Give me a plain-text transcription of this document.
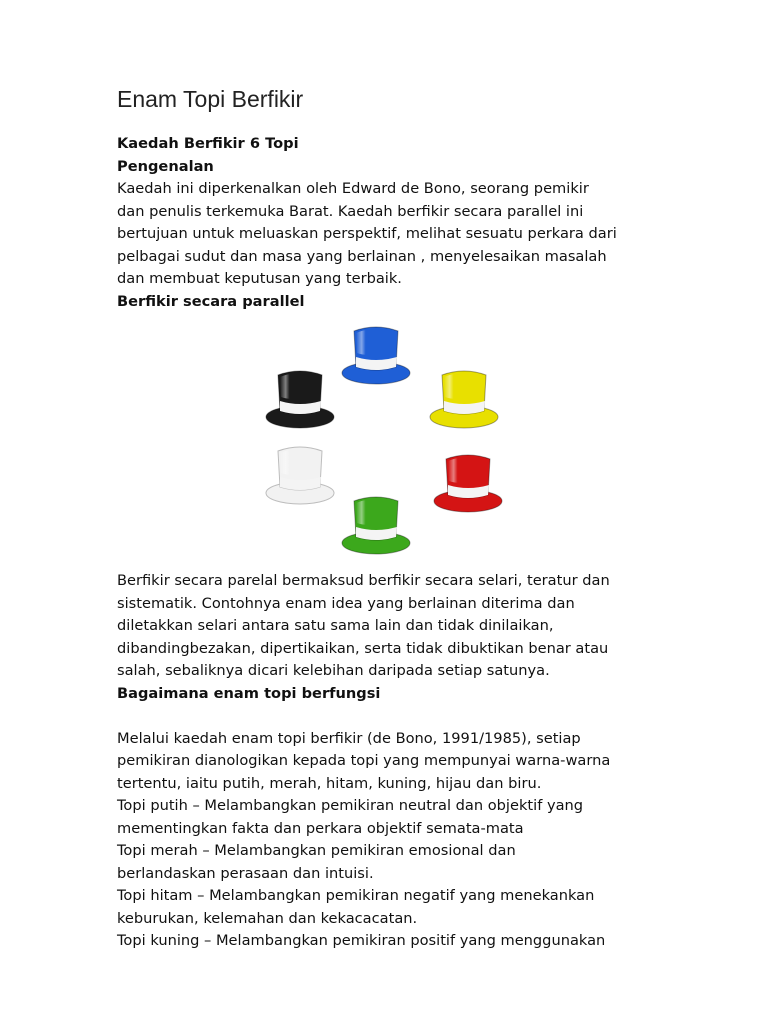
Enam Topi Berfikir
Kaedah Berfikir 6 Topi
Pengenalan
Kaedah ini diperkenalkan oleh Edward de Bono, seorang pemikir
dan penulis terkemuka Barat. Kaedah berfikir secara parallel ini
bertujuan untuk meluaskan perspektif, melihat sesuatu perkara dari
pelbagai sudut dan masa yang berlainan , menyelesaikan masalah
dan membuat keputusan yang terbaik.
Berfikir secara parallel
Berfikir secara parelal bermaksud berfikir secara selari, teratur dan
sistematik. Contohnya enam idea yang berlainan diterima dan
diletakkan selari antara satu sama lain dan tidak dinilaikan,
dibandingbezakan, dipertikaikan, serta tidak dibuktikan benar atau
salah, sebaliknya dicari kelebihan daripada setiap satunya.
Bagaimana enam topi berfungsi
Melalui kaedah enam topi berfikir (de Bono, 1991/1985), setiap
pemikiran dianologikan kepada topi yang mempunyai warna-warna
tertentu, iaitu putih, merah, hitam, kuning, hijau dan biru.
Topi putih – Melambangkan pemikiran neutral dan objektif yang
mementingkan fakta dan perkara objektif semata-mata
Topi merah – Melambangkan pemikiran emosional dan
berlandaskan perasaan dan intuisi.
Topi hitam – Melambangkan pemikiran negatif yang menekankan
keburukan, kelemahan dan kekacacatan.
Topi kuning – Melambangkan pemikiran positif yang menggunakan
